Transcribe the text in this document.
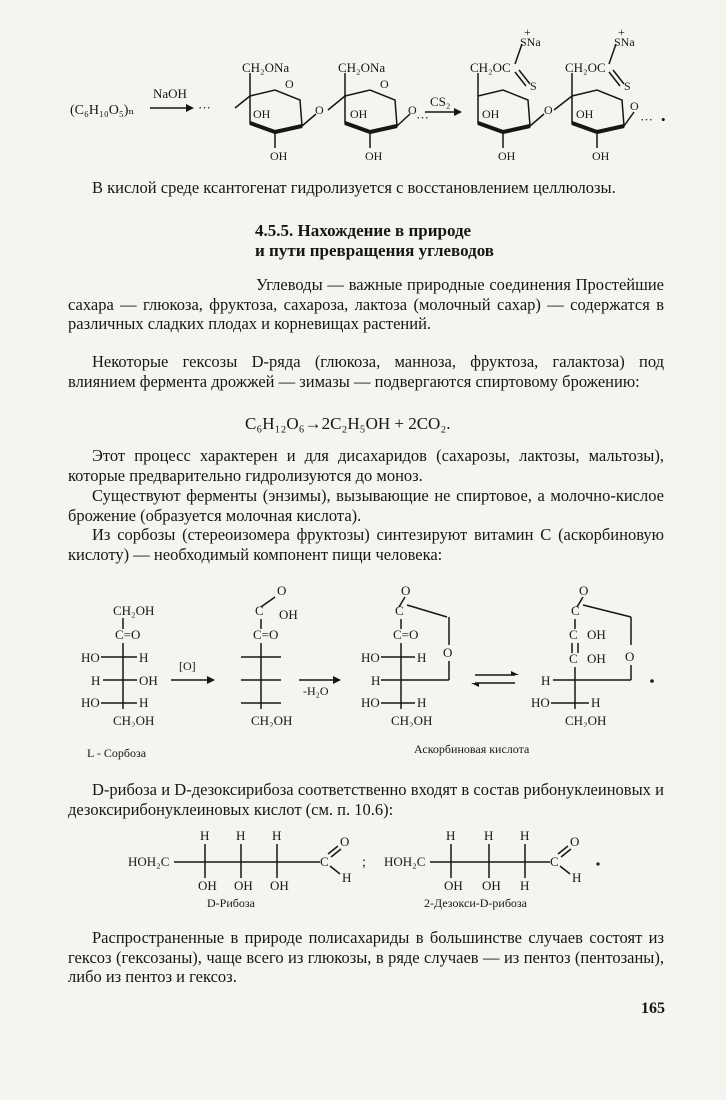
(C₆H₁₀O₅)ₙ
NaOH
···
CH₂ONa
O
OH
OH
O
CH₂ONa
O
OH
OH
O ···
CS₂
CH₂OC
SNa
+
S
OH
OH
O
CH₂OC
SNa
+
S
OH
OH
O
··· •
В кислой среде ксантогенат гидролизуется с восстановлением целлюлозы.
4.5.5. Нахождение в природе
и пути превращения углеводов
Углеводы — важные природные соединения Простейшие сахара — глюкоза, фруктоза, сахароза, лактоза (молочный сахар) — содержатся в различных сладких плодах и корневищах растений.
Некоторые гексозы D-ряда (глюкоза, манноза, фруктоза, галактоза) под влиянием фермента дрожжей — зимазы — подвергаются спиртовому брожению:
C₆H₁₂O₆→2C₂H₅OH + 2CO₂.
Этот процесс характерен и для дисахаридов (сахарозы, лактозы, мальтозы), которые предварительно гидролизуются до моноз.
Существуют ферменты (энзимы), вызывающие не спиртовое, а молочно-кислое брожение (образуется молочная кислота).
Из сорбозы (стереоизомера фруктозы) синтезируют витамин С (аскорбиновую кислоту) — необходимый компонент пищи человека:
CH₂OH
C=O
HO	H
H	OH
HO	H
CH₂OH
[O]
O
C OH
C=O
CH₂OH
-H₂O
O
C
C=O
HO	H
H
O
HO	H
CH₂OH
O
C
C OH
C OH O
H
HO	H
CH₂OH
L - Сорбоза	Аскорбиновая кислота
D-рибоза и D-дезоксирибоза соответственно входят в состав рибонуклеиновых и дезоксирибонуклеиновых кислот (см. п. 10.6):
HOH₂C
H H H
OH OH OH
C
O
H
; HOH₂C
H H H
OH OH H
C
O
H
D-Рибоза	2-Дезокси-D-рибоза
Распространенные в природе полисахариды в большинстве случаев состоят из гексоз (гексозаны), чаще всего из глюкозы, в ряде случаев — из пентоз (пентозаны), либо из пентоз и гексоз.
165
